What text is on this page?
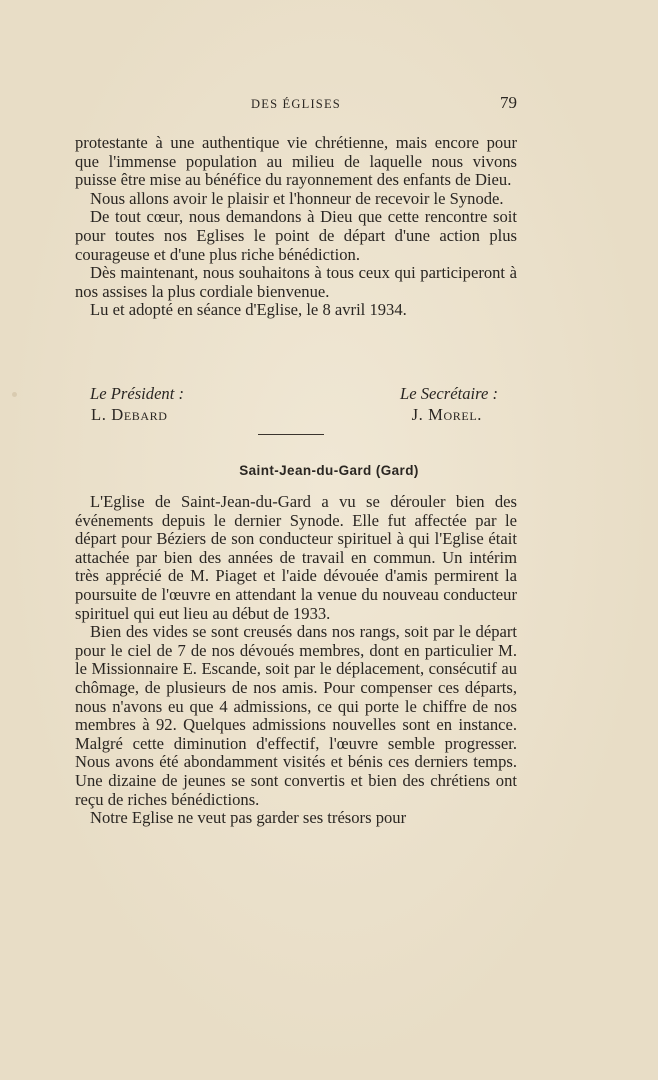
DES ÉGLISES	79

protestante à une authentique vie chrétienne, mais encore pour que l'immense population au milieu de laquelle nous vivons puisse être mise au bénéfice du rayonnement des enfants de Dieu.

Nous allons avoir le plaisir et l'honneur de recevoir le Synode.

De tout cœur, nous demandons à Dieu que cette rencontre soit pour toutes nos Eglises le point de départ d'une action plus courageuse et d'une plus riche bénédiction.

Dès maintenant, nous souhaitons à tous ceux qui participeront à nos assises la plus cordiale bienvenue.

Lu et adopté en séance d'Eglise, le 8 avril 1934.

Le Président :	Le Secrétaire :
L. Debard	J. Morel.
Saint-Jean-du-Gard (Gard)

L'Eglise de Saint-Jean-du-Gard a vu se dérouler bien des événements depuis le dernier Synode. Elle fut affectée par le départ pour Béziers de son conducteur spirituel à qui l'Eglise était attachée par bien des années de travail en commun. Un intérim très apprécié de M. Piaget et l'aide dévouée d'amis permirent la poursuite de l'œuvre en attendant la venue du nouveau conducteur spirituel qui eut lieu au début de 1933.

Bien des vides se sont creusés dans nos rangs, soit par le départ pour le ciel de 7 de nos dévoués membres, dont en particulier M. le Missionnaire E. Escande, soit par le déplacement, consécutif au chômage, de plusieurs de nos amis. Pour compenser ces départs, nous n'avons eu que 4 admissions, ce qui porte le chiffre de nos membres à 92. Quelques admissions nouvelles sont en instance. Malgré cette diminution d'effectif, l'œuvre semble progresser. Nous avons été abondamment visités et bénis ces derniers temps. Une dizaine de jeunes se sont convertis et bien des chrétiens ont reçu de riches bénédictions.

Notre Eglise ne veut pas garder ses trésors pour
